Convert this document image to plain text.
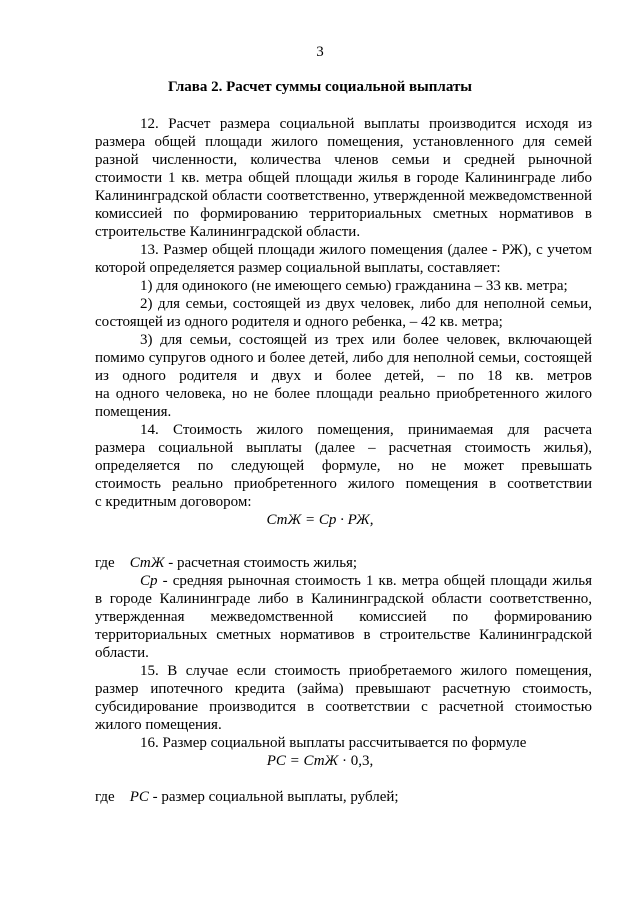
3
Глава 2. Расчет суммы социальной выплаты
12. Расчет размера социальной выплаты производится исходя из
размера общей площади жилого помещения, установленного для семей
разной численности, количества членов семьи и средней рыночной
стоимости 1 кв. метра общей площади жилья в городе Калининграде либо
Калининградской области соответственно, утвержденной межведомственной
комиссией по формированию территориальных сметных нормативов в
строительстве Калининградской области.
13. Размер общей площади жилого помещения (далее - РЖ), с учетом
которой определяется размер социальной выплаты, составляет:
1) для одинокого (не имеющего семью) гражданина – 33 кв. метра;
2) для семьи, состоящей из двух человек, либо для неполной семьи,
состоящей из одного родителя и одного ребенка, – 42 кв. метра;
3) для семьи, состоящей из трех или более человек, включающей
помимо супругов одного и более детей, либо для неполной семьи, состоящей
из одного родителя и двух и более детей, – по 18 кв. метров
на одного человека, но не более площади реально приобретенного жилого
помещения.
14. Стоимость жилого помещения, принимаемая для расчета
размера социальной выплаты (далее – расчетная стоимость жилья),
определяется по следующей формуле, но не может превышать
стоимость реально приобретенного жилого помещения в соответствии
с кредитным договором:
СтЖ = Ср · РЖ,
где СтЖ - расчетная стоимость жилья;
Ср - средняя рыночная стоимость 1 кв. метра общей площади жилья
в городе Калининграде либо в Калининградской области соответственно,
утвержденная межведомственной комиссией по формированию
территориальных сметных нормативов в строительстве Калининградской
области.
15. В случае если стоимость приобретаемого жилого помещения,
размер ипотечного кредита (займа) превышают расчетную стоимость,
субсидирование производится в соответствии с расчетной стоимостью
жилого помещения.
16. Размер социальной выплаты рассчитывается по формуле
РС = СтЖ · 0,3,
где РС - размер социальной выплаты, рублей;
